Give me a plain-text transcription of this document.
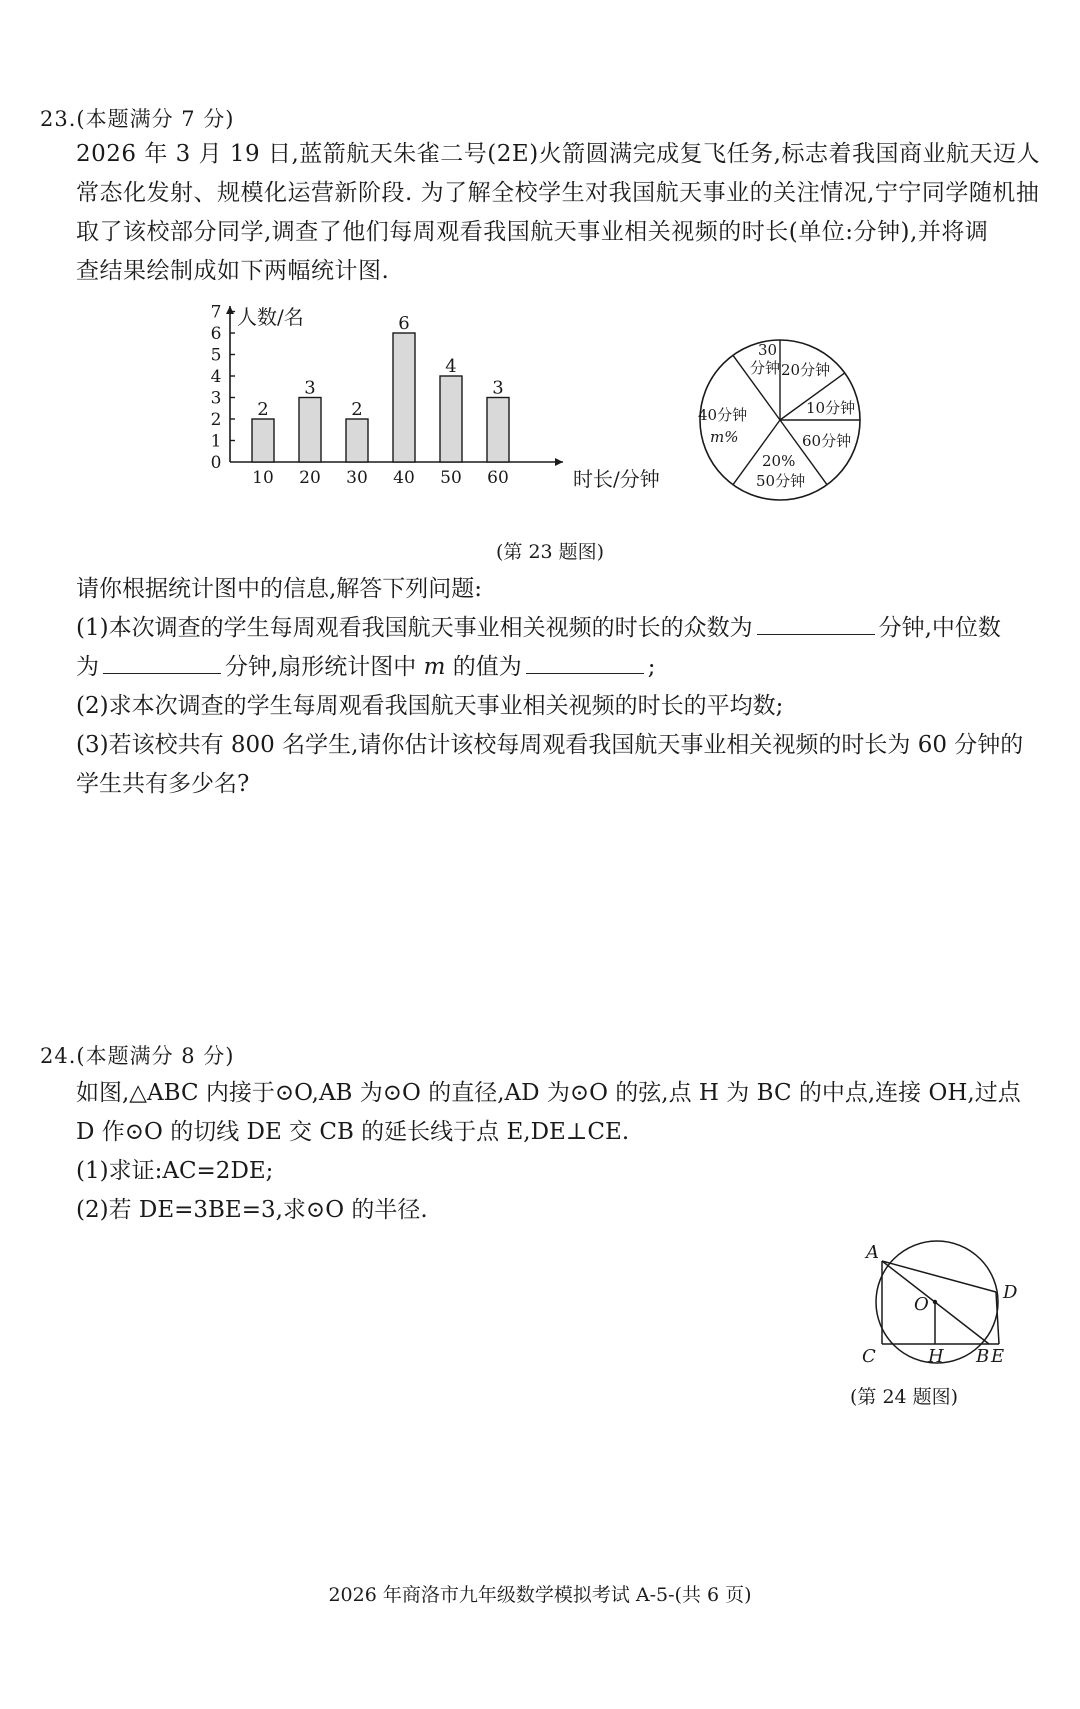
23.(本题满分 7 分)
2026 年 3 月 19 日,蓝箭航天朱雀二号(2E)火箭圆满完成复飞任务,标志着我国商业航天迈人
常态化发射、规模化运营新阶段. 为了解全校学生对我国航天事业的关注情况,宁宁同学随机抽
取了该校部分同学,调查了他们每周观看我国航天事业相关视频的时长(单位:分钟),并将调
查结果绘制成如下两幅统计图.
0
1
2
3
4
5
6
7
2
3
2
6
4
3
10 20 30 40 50 60
人数/名
时长/分钟
30
分钟 20分钟
10分钟
60分钟
20%
50分钟
40分钟
m%
(第 23 题图)
请你根据统计图中的信息,解答下列问题:
(1)本次调查的学生每周观看我国航天事业相关视频的时长的众数为	分钟,中位数
为	分钟,扇形统计图中 m 的值为	;
(2)求本次调查的学生每周观看我国航天事业相关视频的时长的平均数;
(3)若该校共有 800 名学生,请你估计该校每周观看我国航天事业相关视频的时长为 60 分钟的
学生共有多少名?
24.(本题满分 8 分)
如图,△ABC 内接于⊙O,AB 为⊙O 的直径,AD 为⊙O 的弦,点 H 为 BC 的中点,连接 OH,过点
D 作⊙O 的切线 DE 交 CB 的延长线于点 E,DE⊥CE.
(1)求证:AC=2DE;
(2)若 DE=3BE=3,求⊙O 的半径.
A
D
O
C	H B E
(第 24 题图)
2026 年商洛市九年级数学模拟考试 A-5-(共 6 页)
